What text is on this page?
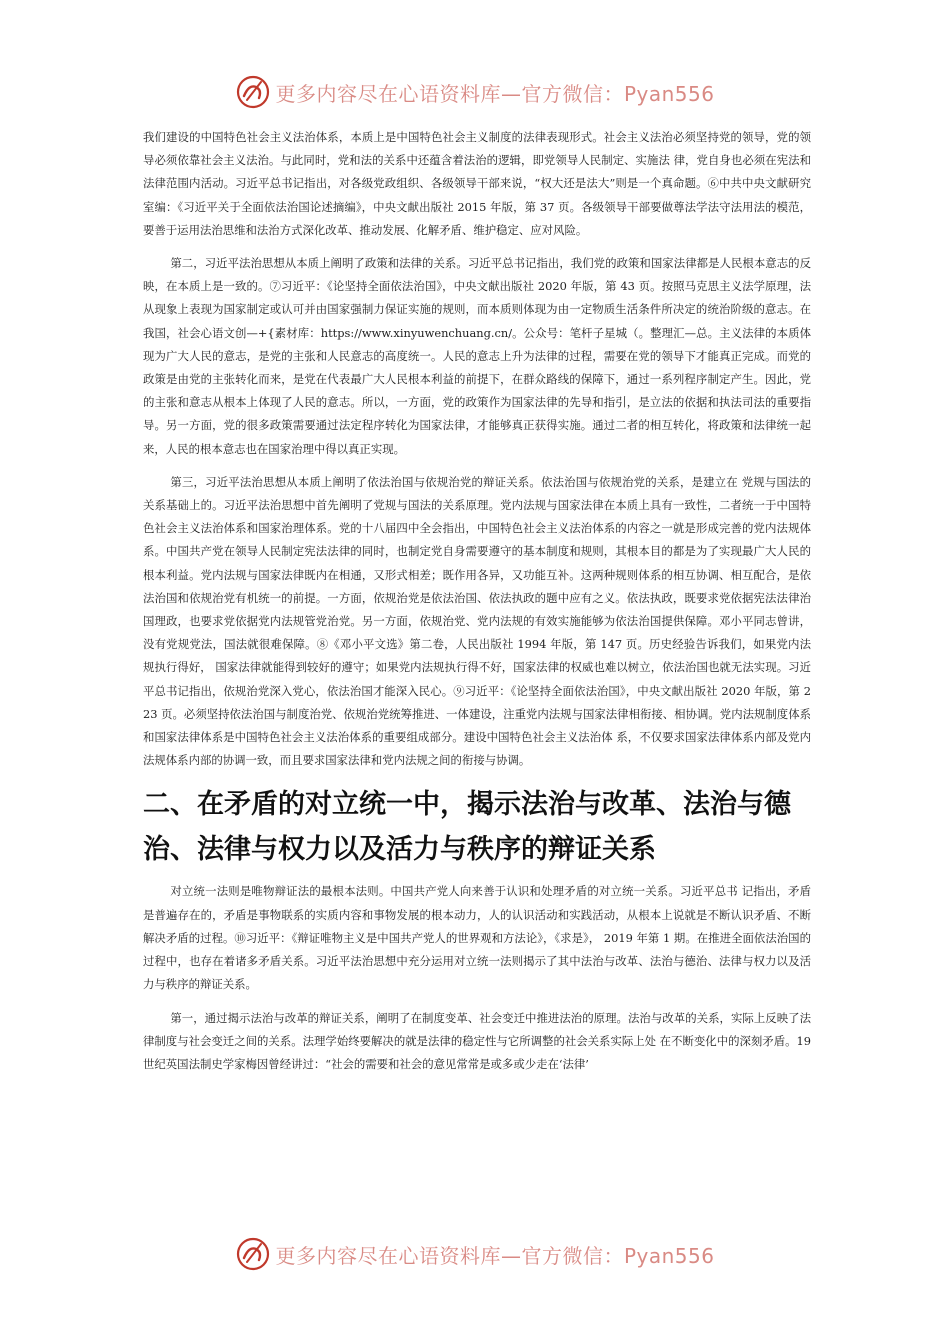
更多内容尽在心语资料库—官方微信：Pyan556

我们建设的中国特色社会主义法治体系，本质上是中国特色社会主义制度的法律表现形式。社会主义法治必须坚持党的领导，党的领导必须依靠社会主义法治。与此同时，党和法的关系中还蕴含着法治的逻辑，即党领导人民制定、实施法 律，党自身也必须在宪法和法律范围内活动。习近平总书记指出，对各级党政组织、各级领导干部来说，“权大还是法大”则是一个真命题。⑥中共中央文献研究室编：《习近平关于全面依法治国论述摘编》，中央文献出版社 2015 年版，第 37 页。各级领导干部要做尊法学法守法用法的模范，要善于运用法治思维和法治方式深化改革、推动发展、化解矛盾、维护稳定、应对风险。

第二，习近平法治思想从本质上阐明了政策和法律的关系。习近平总书记指出，我们党的政策和国家法律都是人民根本意志的反映，在本质上是一致的。⑦习近平：《论坚持全面依法治国》，中央文献出版社 2020 年版，第 43 页。按照马克思主义法学原理，法从现象上表现为国家制定或认可并由国家强制力保证实施的规则，而本质则体现为由一定物质生活条件所决定的统治阶级的意志。在我国，社会心语文创—+{素材库：https://www.xinyuwenchuang.cn/。公众号：笔杆子星城（。整理汇—总。主义法律的本质体现为广大人民的意志，是党的主张和人民意志的高度统一。人民的意志上升为法律的过程，需要在党的领导下才能真正完成。而党的政策是由党的主张转化而来，是党在代表最广大人民根本利益的前提下，在群众路线的保障下，通过一系列程序制定产生。因此，党的主张和意志从根本上体现了人民的意志。所以，一方面，党的政策作为国家法律的先导和指引，是立法的依据和执法司法的重要指导。另一方面，党的很多政策需要通过法定程序转化为国家法律，才能够真正获得实施。通过二者的相互转化，将政策和法律统一起来，人民的根本意志也在国家治理中得以真正实现。

第三，习近平法治思想从本质上阐明了依法治国与依规治党的辩证关系。依法治国与依规治党的关系，是建立在 党规与国法的关系基础上的。习近平法治思想中首先阐明了党规与国法的关系原理。党内法规与国家法律在本质上具有一致性，二者统一于中国特色社会主义法治体系和国家治理体系。党的十八届四中全会指出，中国特色社会主义法治体系的内容之一就是形成完善的党内法规体系。中国共产党在领导人民制定宪法法律的同时，也制定党自身需要遵守的基本制度和规则，其根本目的都是为了实现最广大人民的根本利益。党内法规与国家法律既内在相通，又形式相差；既作用各异，又功能互补。这两种规则体系的相互协调、相互配合，是依法治国和依规治党有机统一的前提。一方面，依规治党是依法治国、依法执政的题中应有之义。依法执政，既要求党依据宪法法律治国理政，也要求党依据党内法规管党治党。另一方面，依规治党、党内法规的有效实施能够为依法治国提供保障。邓小平同志曾讲，没有党规党法，国法就很难保障。⑧《邓小平文选》第二卷，人民出版社 1994 年版，第 147 页。历史经验告诉我们，如果党内法规执行得好， 国家法律就能得到较好的遵守；如果党内法规执行得不好，国家法律的权威也难以树立，依法治国也就无法实现。习近平总书记指出，依规治党深入党心，依法治国才能深入民心。⑨习近平：《论坚持全面依法治国》，中央文献出版社 2020 年版，第 223 页。必须坚持依法治国与制度治党、依规治党统筹推进、一体建设，注重党内法规与国家法律相衔接、相协调。党内法规制度体系和国家法律体系是中国特色社会主义法治体系的重要组成部分。建设中国特色社会主义法治体 系，不仅要求国家法律体系内部及党内法规体系内部的协调一致，而且要求国家法律和党内法规之间的衔接与协调。

二、在矛盾的对立统一中，揭示法治与改革、法治与德治、法律与权力以及活力与秩序的辩证关系

对立统一法则是唯物辩证法的最根本法则。中国共产党人向来善于认识和处理矛盾的对立统一关系。习近平总书 记指出，矛盾是普遍存在的，矛盾是事物联系的实质内容和事物发展的根本动力，人的认识活动和实践活动，从根本上说就是不断认识矛盾、不断解决矛盾的过程。⑩习近平：《辩证唯物主义是中国共产党人的世界观和方法论》，《求是》， 2019 年第 1 期。在推进全面依法治国的过程中，也存在着诸多矛盾关系。习近平法治思想中充分运用对立统一法则揭示了其中法治与改革、法治与德治、法律与权力以及活力与秩序的辩证关系。

第一，通过揭示法治与改革的辩证关系，阐明了在制度变革、社会变迁中推进法治的原理。法治与改革的关系，实际上反映了法律制度与社会变迁之间的关系。法理学始终要解决的就是法律的稳定性与它所调整的社会关系实际上处 在不断变化中的深刻矛盾。19 世纪英国法制史学家梅因曾经讲过：“社会的需要和社会的意见常常是或多或少走在‘法律’

更多内容尽在心语资料库—官方微信：Pyan556
